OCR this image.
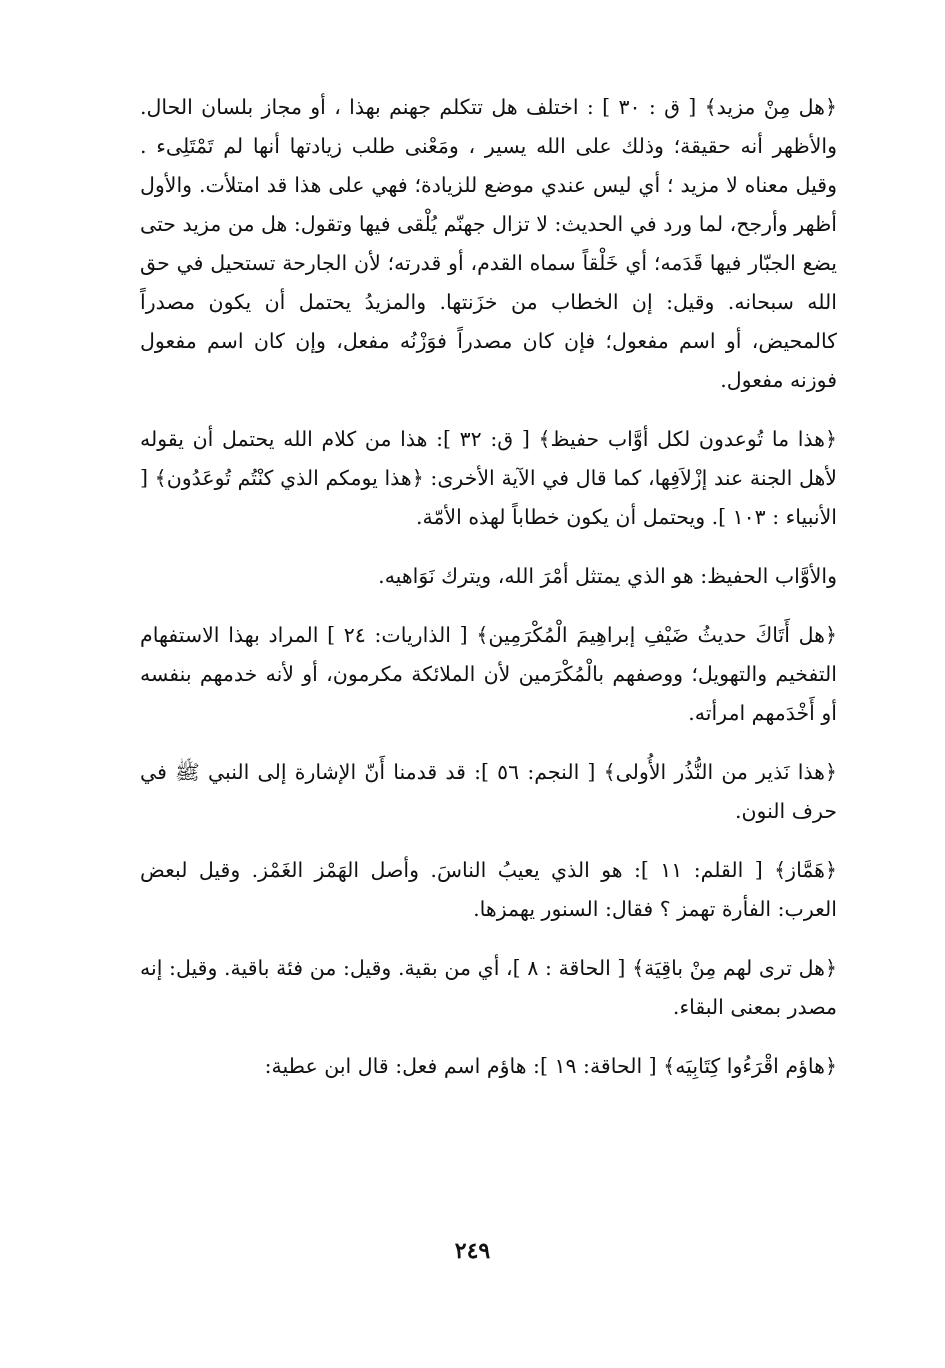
﴿هل مِنْ مزيد﴾ [ ق : ٣٠ ] : اختلف هل تتكلم جهنم بهذا ، أو مجاز بلسان الحال. والأظهر أنه حقيقة؛ وذلك على الله يسير ، ومَعْنى طلب زيادتها أنها لم تَمْتَلِىء . وقيل معناه لا مزيد ؛ أي ليس عندي موضع للزيادة؛ فهي على هذا قد امتلأت. والأول أظهر وأرجح، لما ورد في الحديث: لا تزال جهنّم يُلْقى فيها وتقول: هل من مزيد حتى يضع الجبّار فيها قَدَمه؛ أي خَلْقاً سماه القدم، أو قدرته؛ لأن الجارحة تستحيل في حق الله سبحانه. وقيل: إن الخطاب من خزَنتها. والمزيدُ يحتمل أن يكون مصدراً كالمحيض، أو اسم مفعول؛ فإن كان مصدراً فوَزْنُه مفعل، وإن كان اسم مفعول فوزنه مفعول.

﴿هذا ما تُوعدون لكل أوَّاب حفيظ﴾ [ ق: ٣٢ ]: هذا من كلام الله يحتمل أن يقوله لأهل الجنة عند إزْلاَفِها، كما قال في الآية الأخرى: ﴿هذا يومكم الذي كنْتُم تُوعَدُون﴾ [ الأنبياء : ١٠٣ ]. ويحتمل أن يكون خطاباً لهذه الأمّة.

والأوَّاب الحفيظ: هو الذي يمتثل أمْرَ الله، ويترك نَوَاهيه.

﴿هل أَتَاكَ حديثُ ضَيْفِ إبراهِيمَ الْمُكْرَمِين﴾ [ الذاريات: ٢٤ ] المراد بهذا الاستفهام التفخيم والتهويل؛ ووصفهم بالْمُكْرَمين لأن الملائكة مكرمون، أو لأنه خدمهم بنفسه أو أَخْدَمهم امرأته.

﴿هذا نَذير من النُّذُر الأُولى﴾ [ النجم: ٥٦ ]: قد قدمنا أَنّ الإشارة إلى النبي ﷺ في حرف النون.

﴿هَمَّاز﴾ [ القلم: ١١ ]: هو الذي يعيبُ الناسَ. وأصل الهَمْز الغَمْز. وقيل لبعض العرب: الفأرة تهمز ؟ فقال: السنور يهمزها.

﴿هل ترى لهم مِنْ باقِيَة﴾ [ الحاقة : ٨ ]، أي من بقية. وقيل: من فئة باقية. وقيل: إنه مصدر بمعنى البقاء.

﴿هاؤم اقْرَءُوا كِتَابِيَه﴾ [ الحاقة: ١٩ ]: هاؤم اسم فعل: قال ابن عطية:

٢٤٩
